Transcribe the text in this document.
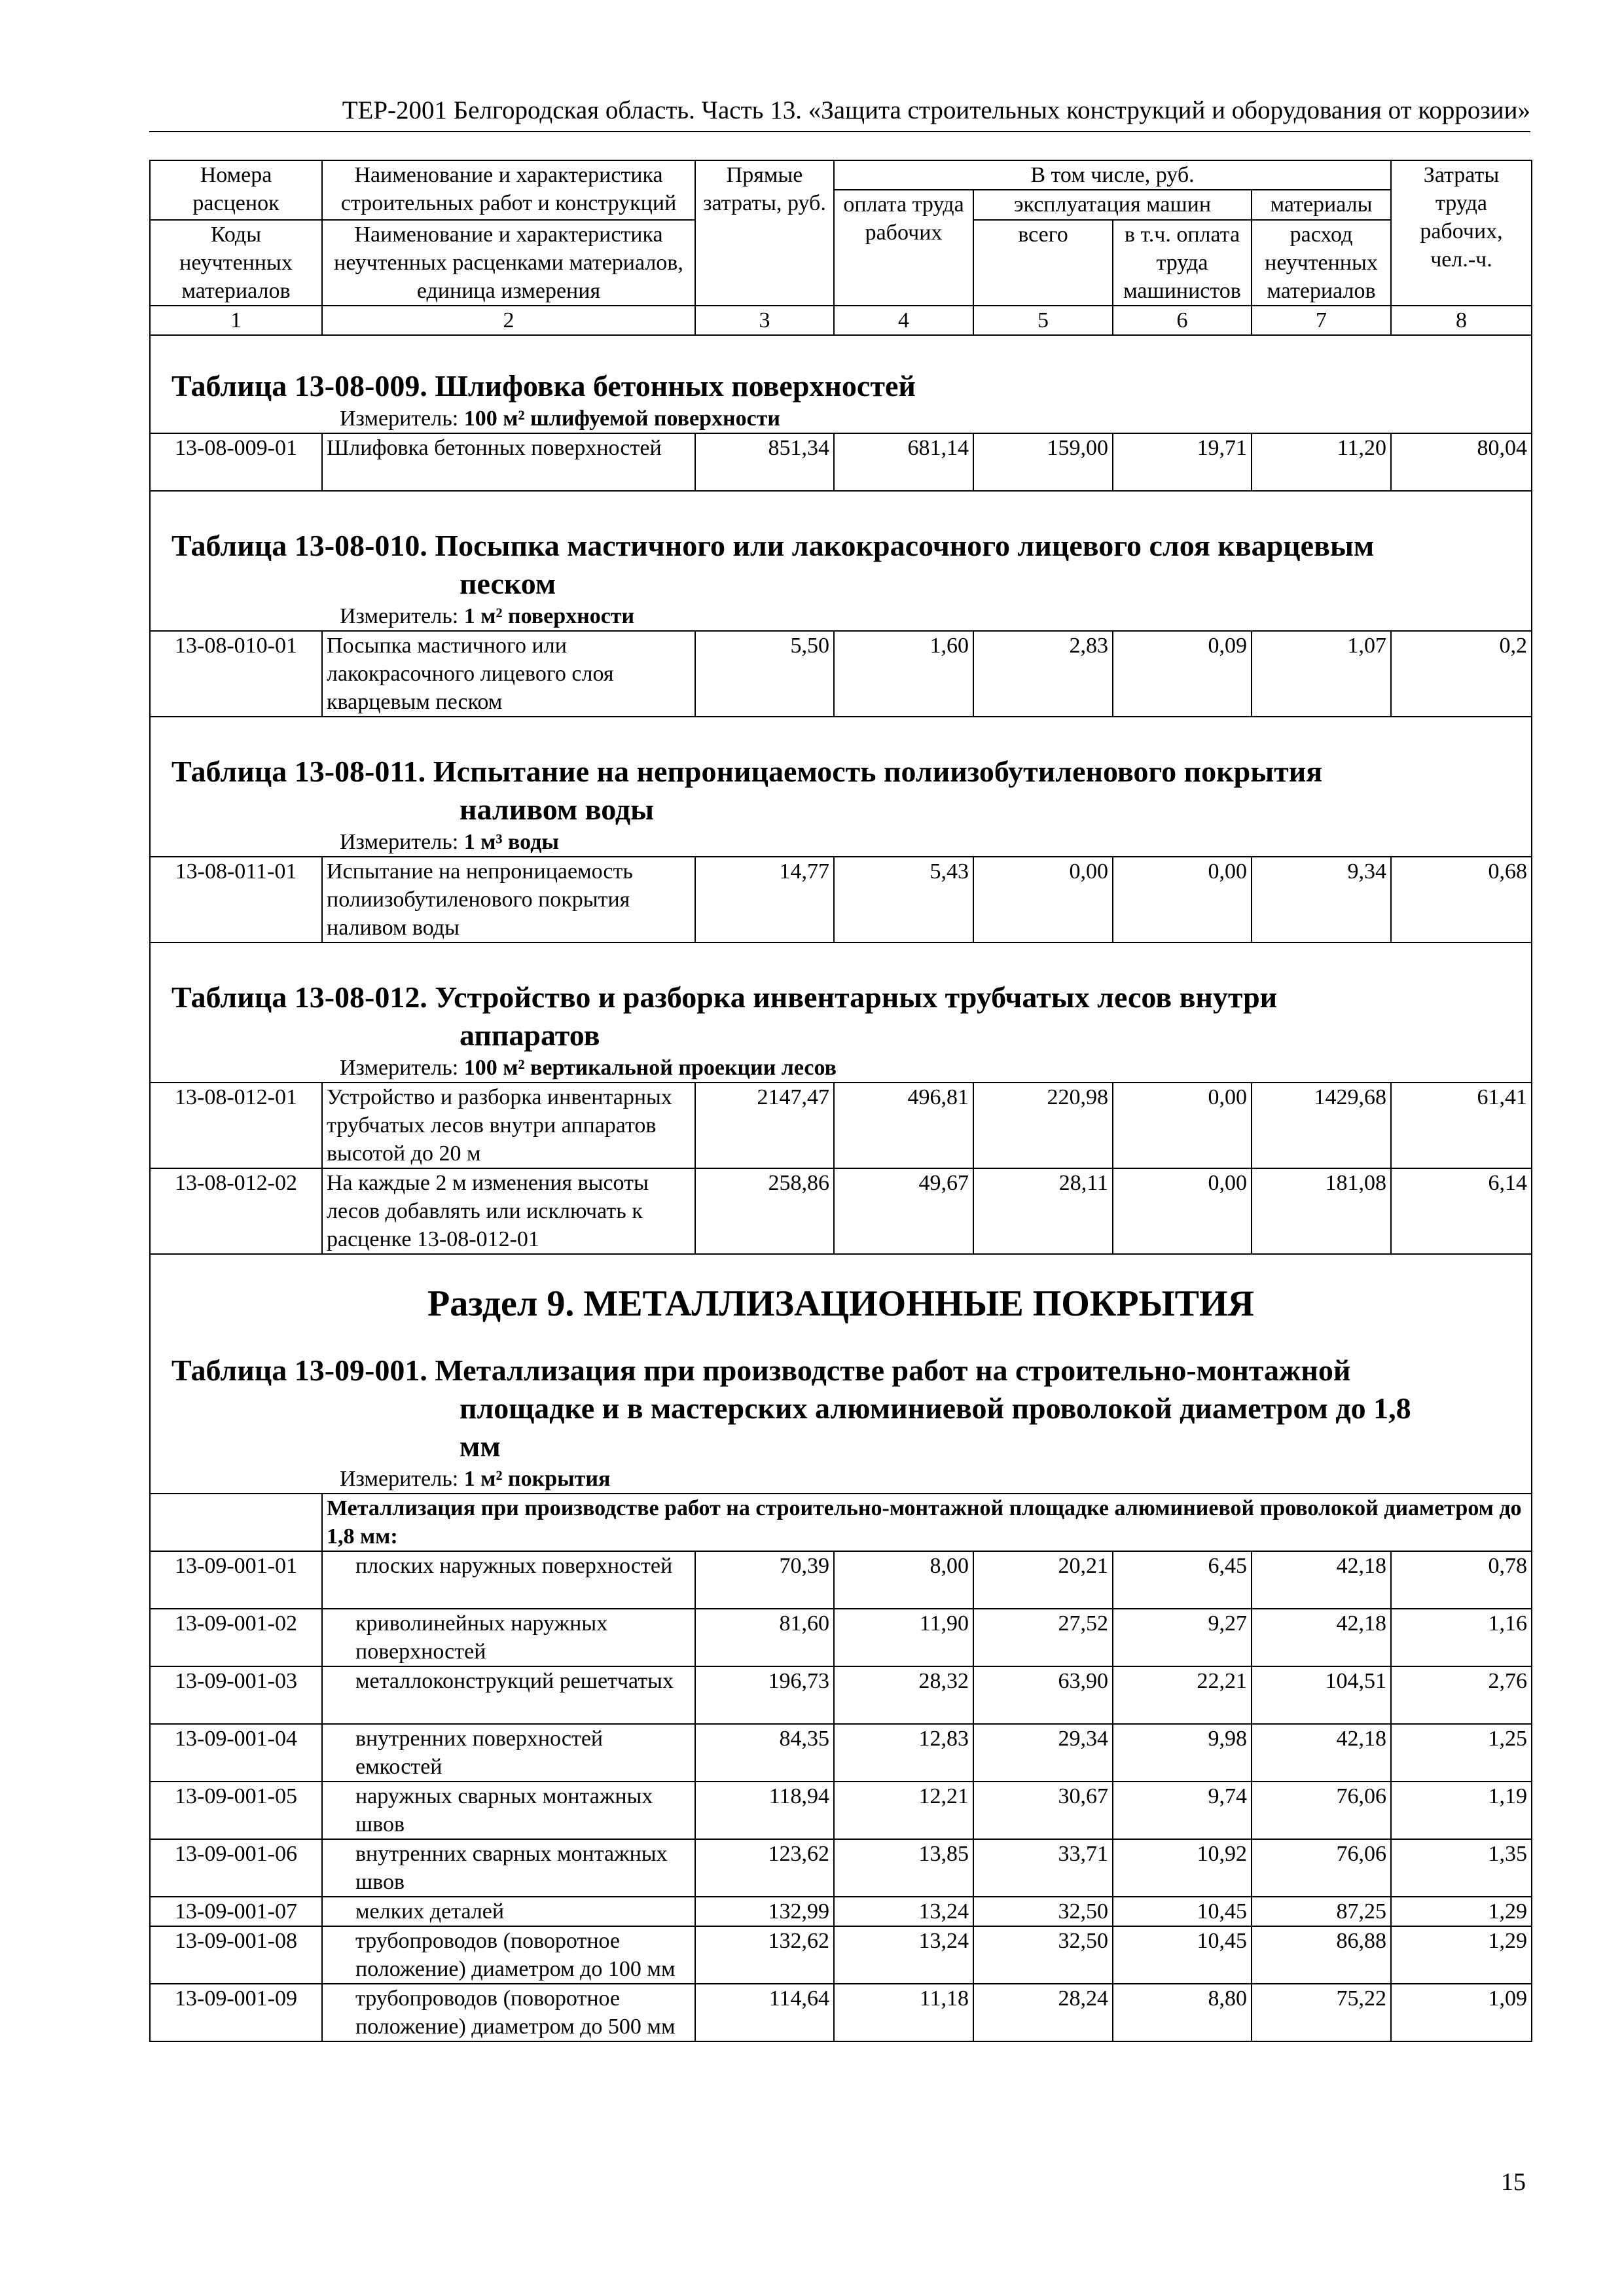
ТЕР-2001 Белгородская область. Часть 13. «Защита строительных конструкций и оборудования от коррозии»
Номера расценок	Наименование и характеристика строительных работ и конструкций	Прямые затраты, руб.	В том числе, руб.				Затраты труда рабочих, чел.-ч.
			оплата труда рабочих	эксплуатация машин		материалы	
Коды неучтенных материалов	Наименование и характеристика неучтенных расценками материалов, единица измерения			всего	в т.ч. оплата труда машинистов	расход неучтенных материалов	

1	2	3	4	5	6	7	8

Таблица 13-08-009. Шлифовка бетонных поверхностей
Измеритель: 100 м² шлифуемой поверхности							

13-08-009-01	Шлифовка бетонных поверхностей	851,34	681,14	159,00	19,71	11,20	80,04

Таблица 13-08-010. Посыпка мастичного или лакокрасочного лицевого слоя кварцевым
песком
Измеритель: 1 м² поверхности							

13-08-010-01	Посыпка мастичного или лакокрасочного лицевого слоя кварцевым песком	5,50	1,60	2,83	0,09	1,07	0,2

Таблица 13-08-011. Испытание на непроницаемость полиизобутиленового покрытия
наливом воды
Измеритель: 1 м³ воды							

13-08-011-01	Испытание на непроницаемость полиизобутиленового покрытия наливом воды	14,77	5,43	0,00	0,00	9,34	0,68

Таблица 13-08-012. Устройство и разборка инвентарных трубчатых лесов внутри
аппаратов
Измеритель: 100 м² вертикальной проекции лесов							

13-08-012-01	Устройство и разборка инвентарных трубчатых лесов внутри аппаратов высотой до 20 м	2147,47	496,81	220,98	0,00	1429,68	61,41
13-08-012-02	На каждые 2 м изменения высоты лесов добавлять или исключать к расценке 13-08-012-01	258,86	49,67	28,11	0,00	181,08	6,14

Раздел 9. МЕТАЛЛИЗАЦИОННЫЕ ПОКРЫТИЯ
Таблица 13-09-001. Металлизация при производстве работ на строительно-монтажной
площадке и в мастерских алюминиевой проволокой диаметром до 1,8
мм
Измеритель: 1 м² покрытия							

	Металлизация при производстве работ на строительно-монтажной площадке алюминиевой проволокой диаметром до 1,8 мм:						
13-09-001-01	плоских наружных поверхностей	70,39	8,00	20,21	6,45	42,18	0,78
13-09-001-02	криволинейных наружных поверхностей	81,60	11,90	27,52	9,27	42,18	1,16
13-09-001-03	металлоконструкций решетчатых	196,73	28,32	63,90	22,21	104,51	2,76
13-09-001-04	внутренних поверхностей емкостей	84,35	12,83	29,34	9,98	42,18	1,25
13-09-001-05	наружных сварных монтажных швов	118,94	12,21	30,67	9,74	76,06	1,19
13-09-001-06	внутренних сварных монтажных швов	123,62	13,85	33,71	10,92	76,06	1,35
13-09-001-07	мелких деталей	132,99	13,24	32,50	10,45	87,25	1,29
13-09-001-08	трубопроводов (поворотное положение) диаметром до 100 мм	132,62	13,24	32,50	10,45	86,88	1,29
13-09-001-09	трубопроводов (поворотное положение) диаметром до 500 мм	114,64	11,18	28,24	8,80	75,22	1,09
15
